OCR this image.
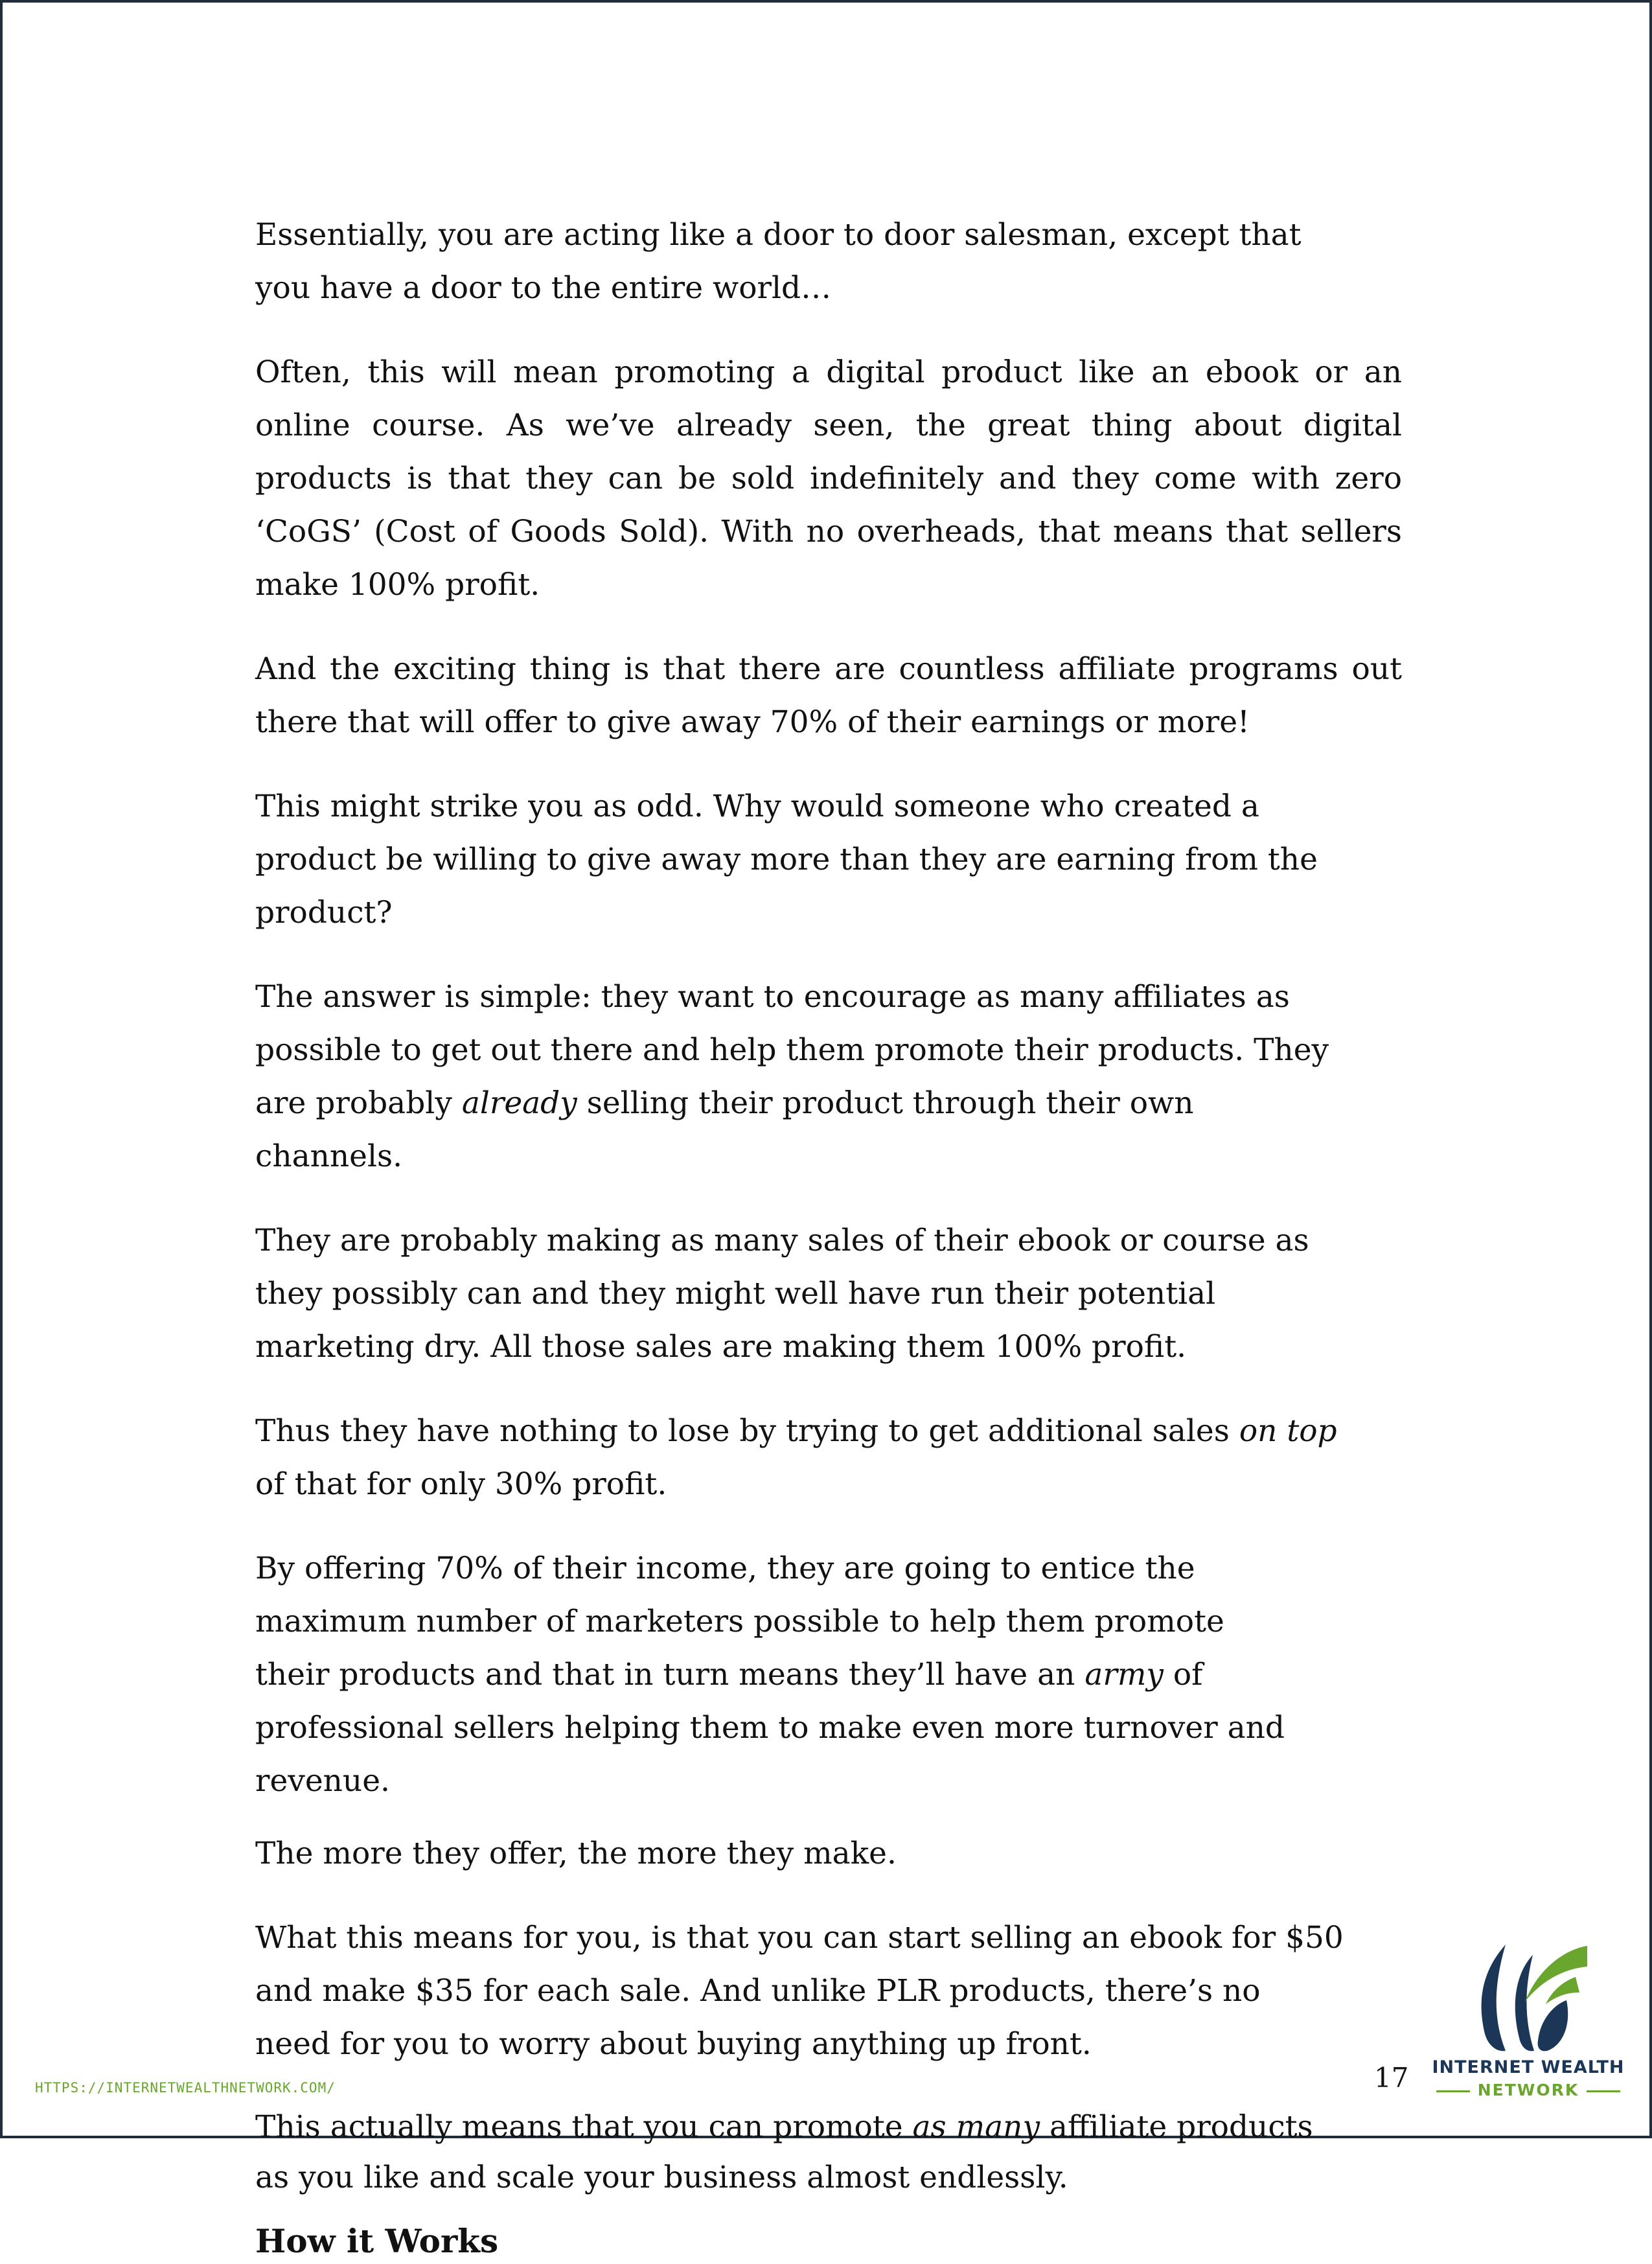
Essentially, you are acting like a door to door salesman, except that you have a door to the entire world…

Often, this will mean promoting a digital product like an ebook or an online course. As we’ve already seen, the great thing about digital products is that they can be sold indefinitely and they come with zero ‘CoGS’ (Cost of Goods Sold). With no overheads, that means that sellers make 100% profit.

And the exciting thing is that there are countless affiliate programs out there that will offer to give away 70% of their earnings or more!

This might strike you as odd. Why would someone who created a product be willing to give away more than they are earning from the product?

The answer is simple: they want to encourage as many affiliates as possible to get out there and help them promote their products. They are probably already selling their product through their own channels.

They are probably making as many sales of their ebook or course as they possibly can and they might well have run their potential marketing dry. All those sales are making them 100% profit.

Thus they have nothing to lose by trying to get additional sales on top of that for only 30% profit.

By offering 70% of their income, they are going to entice the maximum number of marketers possible to help them promote their products and that in turn means they’ll have an army of professional sellers helping them to make even more turnover and revenue.

The more they offer, the more they make.

What this means for you, is that you can start selling an ebook for $50 and make $35 for each sale. And unlike PLR products, there’s no need for you to worry about buying anything up front.

This actually means that you can promote as many affiliate products as you like and scale your business almost endlessly.

How it Works
HTTPS://INTERNETWEALTHNETWORK.COM/	17	INTERNET WEALTH
NETWORK
